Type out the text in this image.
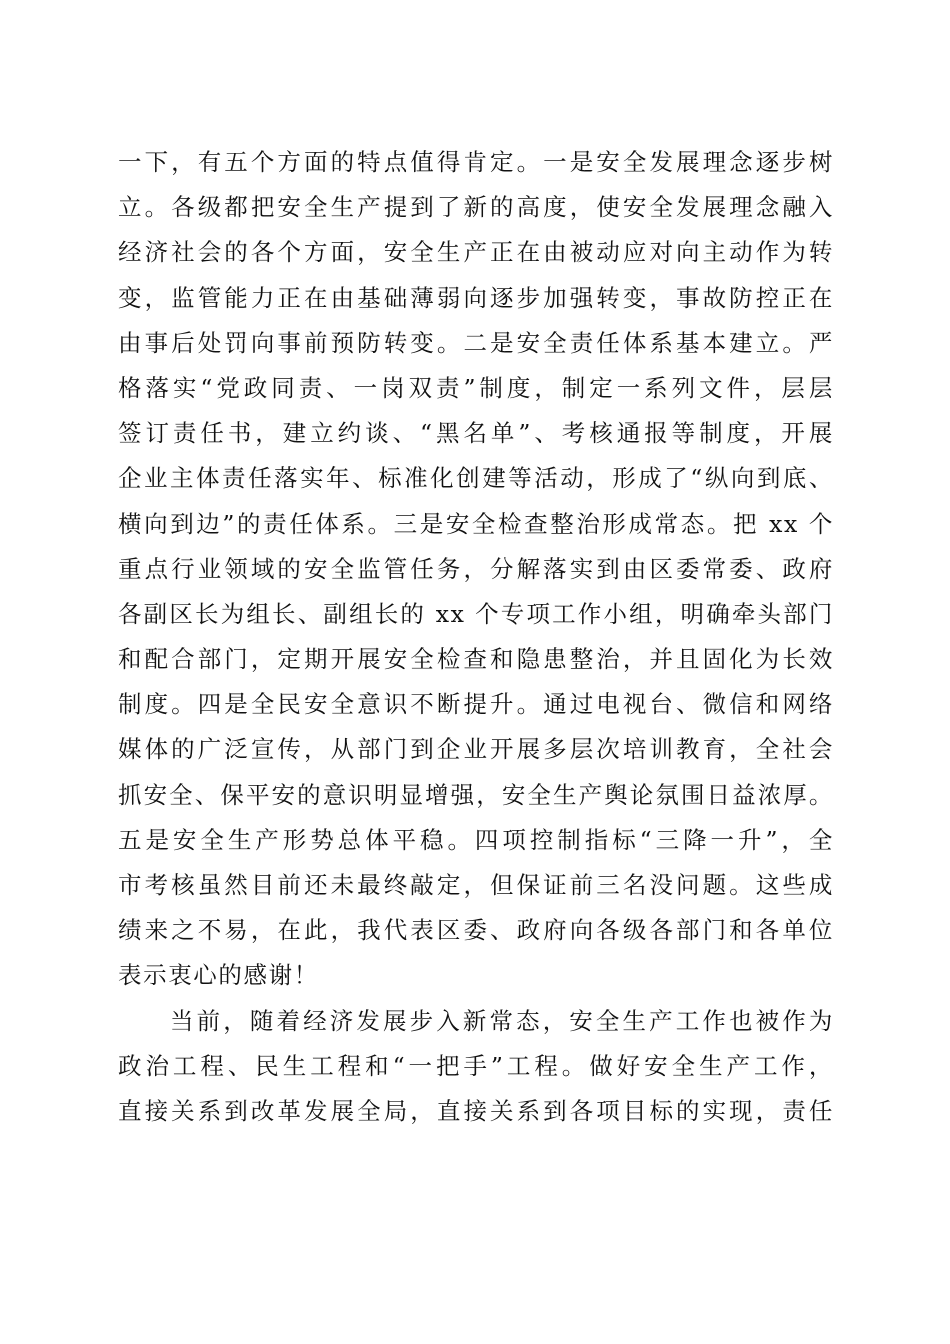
一下，有五个方面的特点值得肯定。一是安全发展理念逐步树
立。各级都把安全生产提到了新的高度，使安全发展理念融入
经济社会的各个方面，安全生产正在由被动应对向主动作为转
变，监管能力正在由基础薄弱向逐步加强转变，事故防控正在
由事后处罚向事前预防转变。二是安全责任体系基本建立。严
格落实“党政同责、一岗双责”制度，制定一系列文件，层层
签订责任书，建立约谈、“黑名单”、考核通报等制度，开展
企业主体责任落实年、标准化创建等活动，形成了“纵向到底、
横向到边”的责任体系。三是安全检查整治形成常态。把 xx 个
重点行业领域的安全监管任务，分解落实到由区委常委、政府
各副区长为组长、副组长的 xx 个专项工作小组，明确牵头部门
和配合部门，定期开展安全检查和隐患整治，并且固化为长效
制度。四是全民安全意识不断提升。通过电视台、微信和网络
媒体的广泛宣传，从部门到企业开展多层次培训教育，全社会
抓安全、保平安的意识明显增强，安全生产舆论氛围日益浓厚。
五是安全生产形势总体平稳。四项控制指标“三降一升”，全
市考核虽然目前还未最终敲定，但保证前三名没问题。这些成
绩来之不易，在此，我代表区委、政府向各级各部门和各单位
表示衷心的感谢！
当前，随着经济发展步入新常态，安全生产工作也被作为
政治工程、民生工程和“一把手”工程。做好安全生产工作，
直接关系到改革发展全局，直接关系到各项目标的实现，责任
